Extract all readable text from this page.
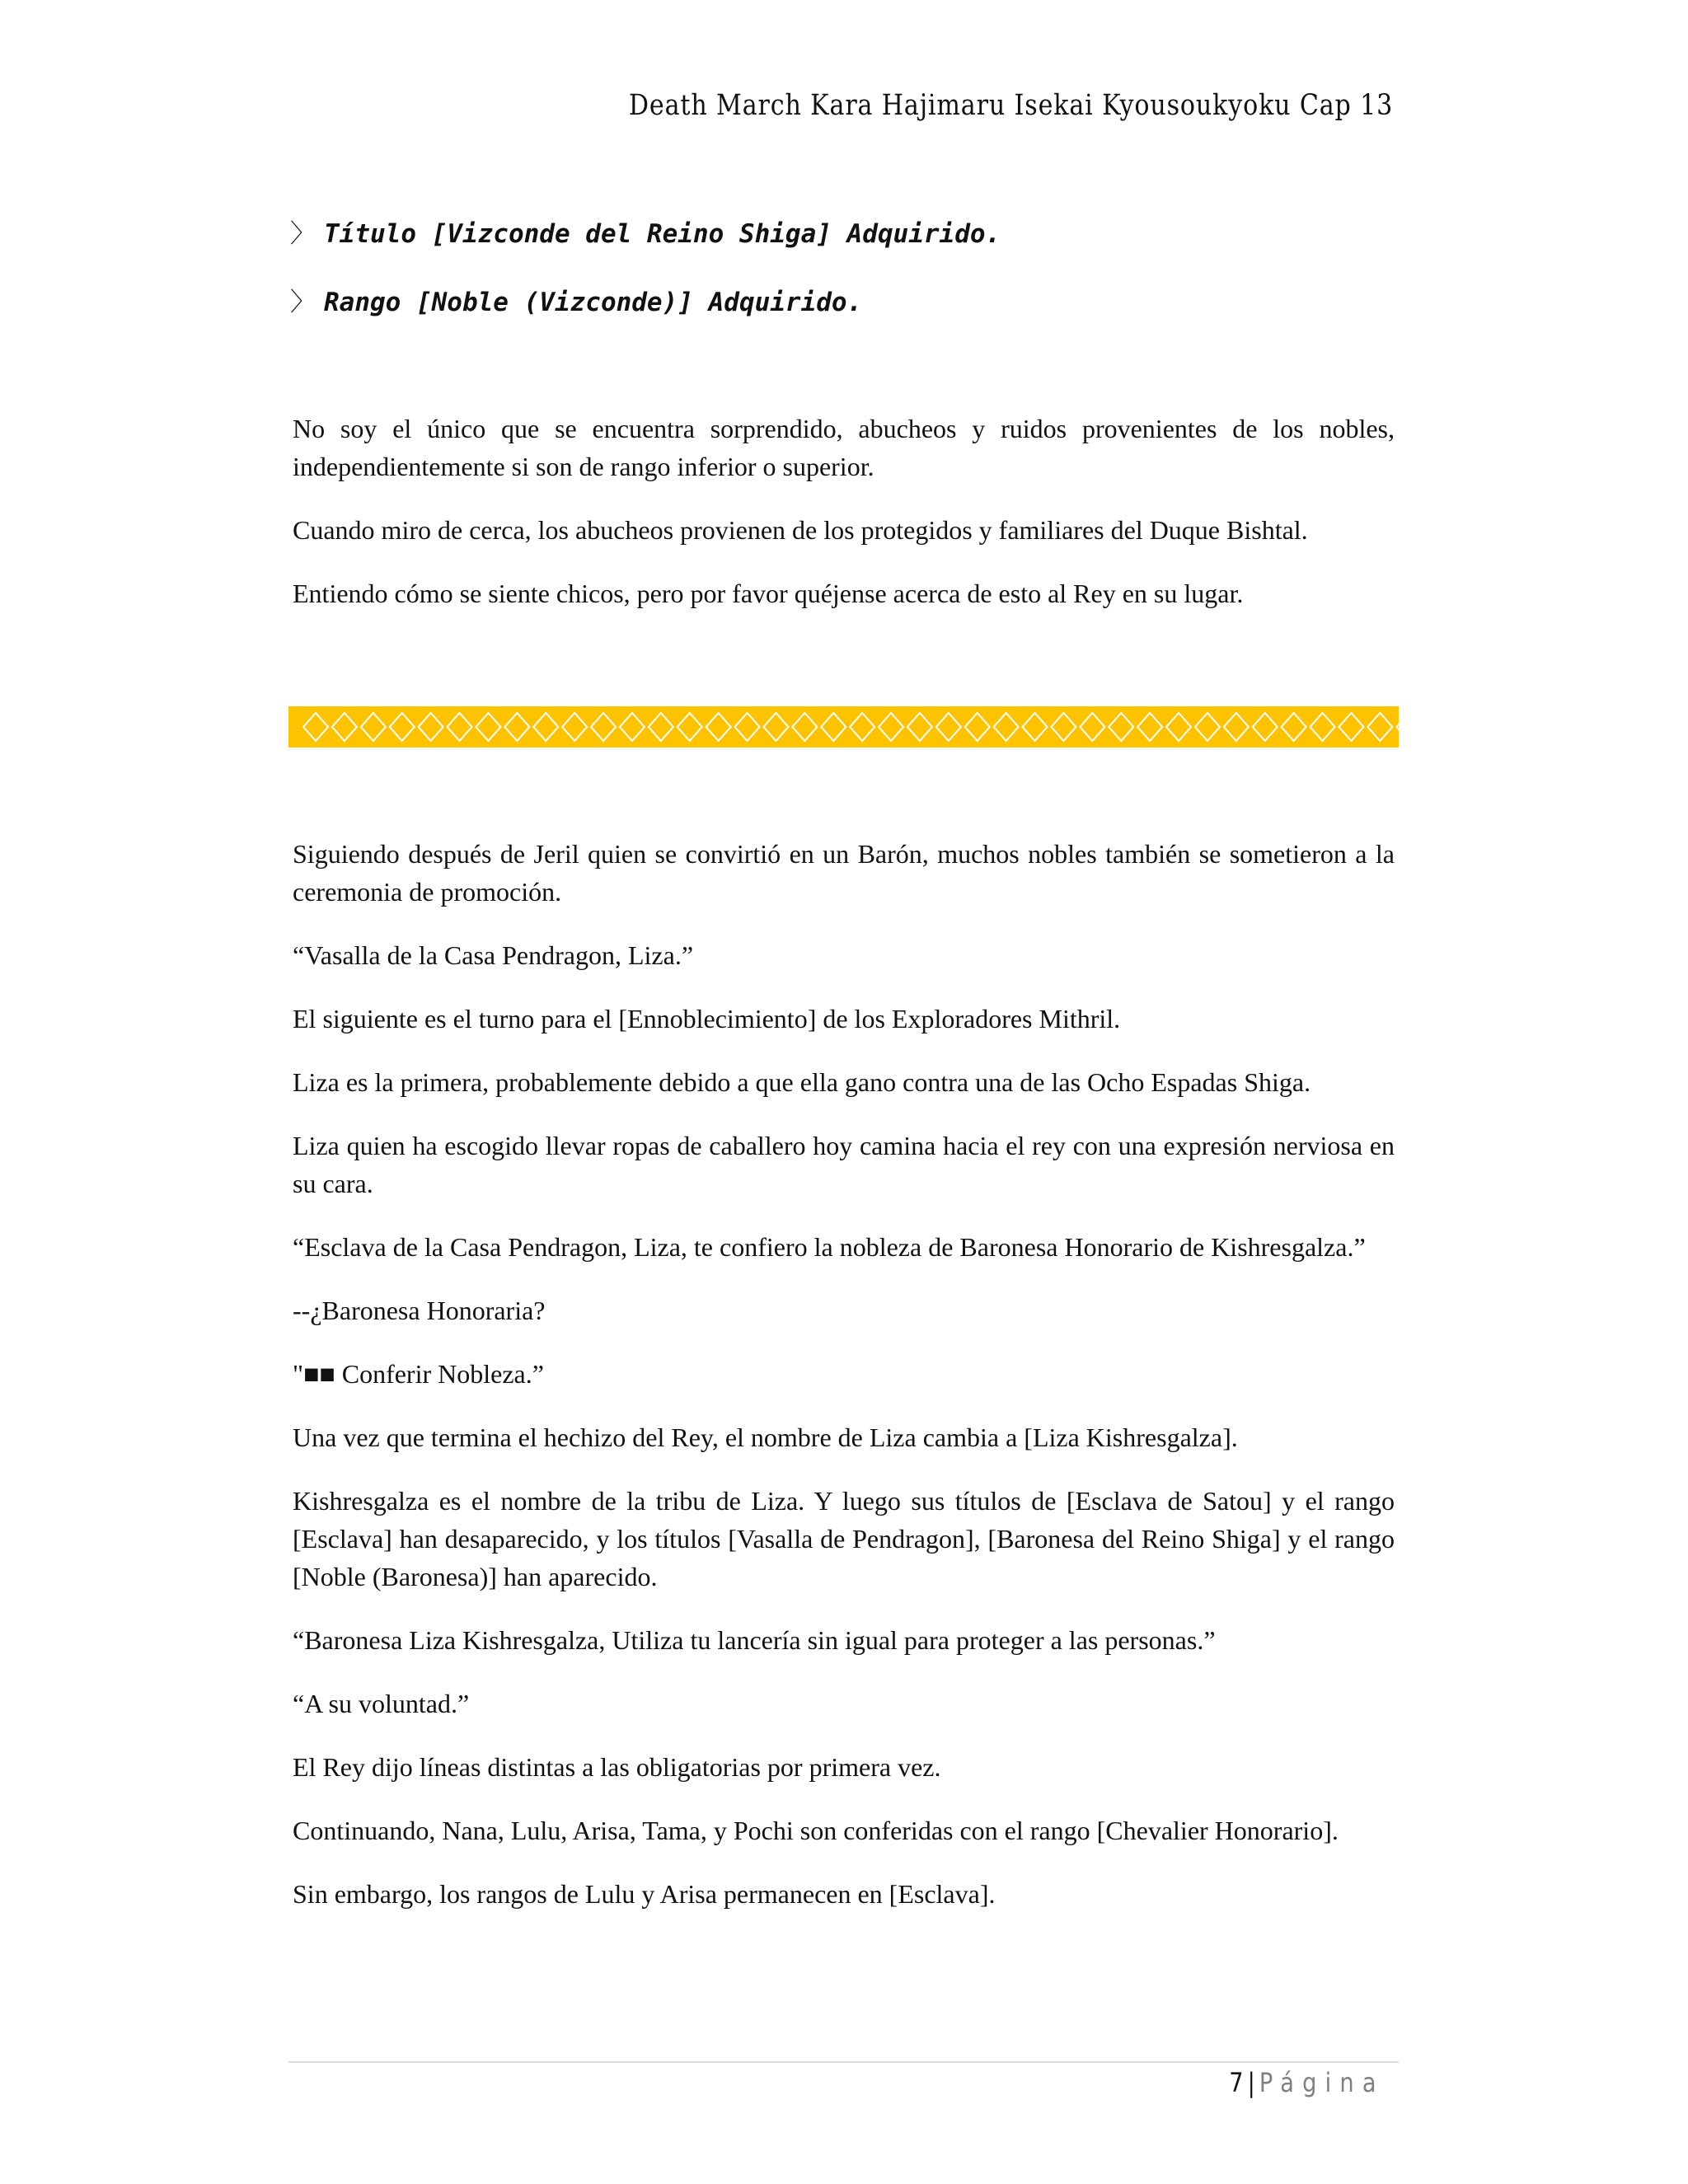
Death March Kara Hajimaru Isekai Kyousoukyoku Cap 13
〉 Título [Vizconde del Reino Shiga] Adquirido.
〉 Rango [Noble (Vizconde)] Adquirido.

No soy el único que se encuentra sorprendido, abucheos y ruidos provenientes de los nobles, independientemente si son de rango inferior o superior.

Cuando miro de cerca, los abucheos provienen de los protegidos y familiares del Duque Bishtal.

Entiendo cómo se siente chicos, pero por favor quéjense acerca de esto al Rey en su lugar.

Siguiendo después de Jeril quien se convirtió en un Barón, muchos nobles también se sometieron a la ceremonia de promoción.

“Vasalla de la Casa Pendragon, Liza.”

El siguiente es el turno para el [Ennoblecimiento] de los Exploradores Mithril.

Liza es la primera, probablemente debido a que ella gano contra una de las Ocho Espadas Shiga.

Liza quien ha escogido llevar ropas de caballero hoy camina hacia el rey con una expresión nerviosa en su cara.

“Esclava de la Casa Pendragon, Liza, te confiero la nobleza de Baronesa Honorario de Kishresgalza.”

--¿Baronesa Honoraria?

"■■ Conferir Nobleza.”

Una vez que termina el hechizo del Rey, el nombre de Liza cambia a [Liza Kishresgalza].

Kishresgalza es el nombre de la tribu de Liza. Y luego sus títulos de [Esclava de Satou] y el rango [Esclava] han desaparecido, y los títulos [Vasalla de Pendragon], [Baronesa del Reino Shiga] y el rango [Noble (Baronesa)] han aparecido.

“Baronesa Liza Kishresgalza, Utiliza tu lancería sin igual para proteger a las personas.”

“A su voluntad.”

El Rey dijo líneas distintas a las obligatorias por primera vez.

Continuando, Nana, Lulu, Arisa, Tama, y Pochi son conferidas con el rango [Chevalier Honorario].

Sin embargo, los rangos de Lulu y Arisa permanecen en [Esclava].

7 | Página
